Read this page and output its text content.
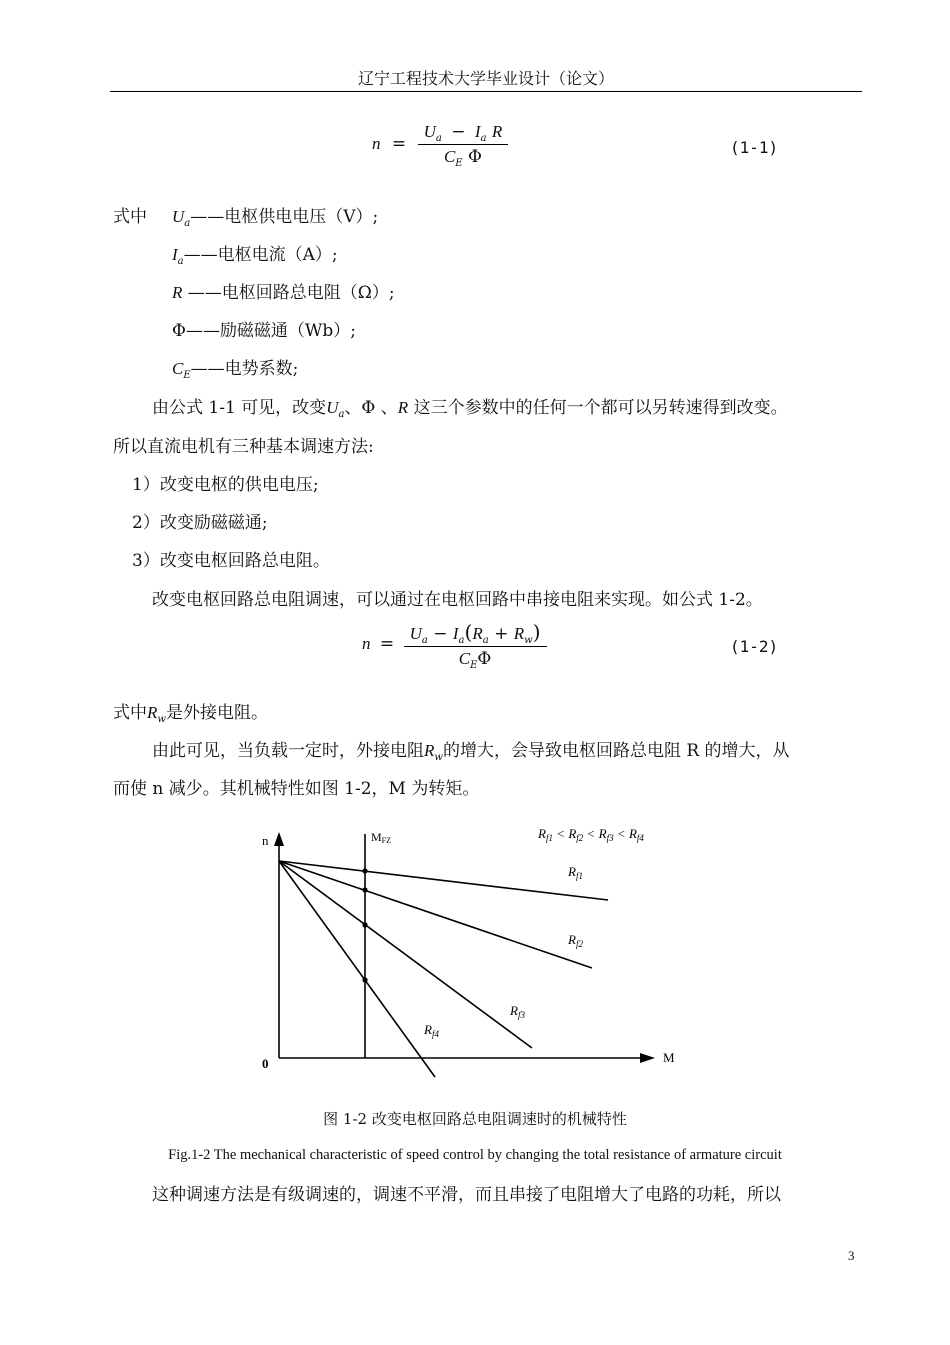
辽宁工程技术大学毕业设计（论文）
$n = \frac{U_a - I_a R}{C_E \Phi}$	(1-1)
式中 $U_a——$电枢供电电压（V）;
$I_a——$电枢电流（A）;
R ——电枢回路总电阻（Ω）;
Φ——励磁磁通（Wb）;
$C_E——$电势系数;
由公式 1-1 可见，改变$U_a$、Φ 、R 这三个参数中的任何一个都可以另转速得到改变。
所以直流电机有三种基本调速方法:
1）改变电枢的供电电压;
2）改变励磁磁通;
3）改变电枢回路总电阻。
改变电枢回路总电阻调速，可以通过在电枢回路中串接电阻来实现。如公式 1-2。
$n = \frac{U_a - I_a(R_a + R_w)}{C_E\Phi}$	(1-2)
式中$R_w$是外接电阻。
由此可见，当负载一定时，外接电阻$R_w$的增大，会导致电枢回路总电阻 R 的增大，从
而使 n 减少。其机械特性如图 1-2，M 为转矩。
n
M
0
MFZ	$R_{f1} < R_{f2} < R_{f3} < R_{f4}$
$R_{f1}$
$R_{f2}$
$R_{f3}$
$R_{f4}$
图 1-2 改变电枢回路总电阻调速时的机械特性
Fig.1-2 The mechanical characteristic of speed control by changing the total resistance of armature circuit
这种调速方法是有级调速的，调速不平滑，而且串接了电阻增大了电路的功耗，所以
3
